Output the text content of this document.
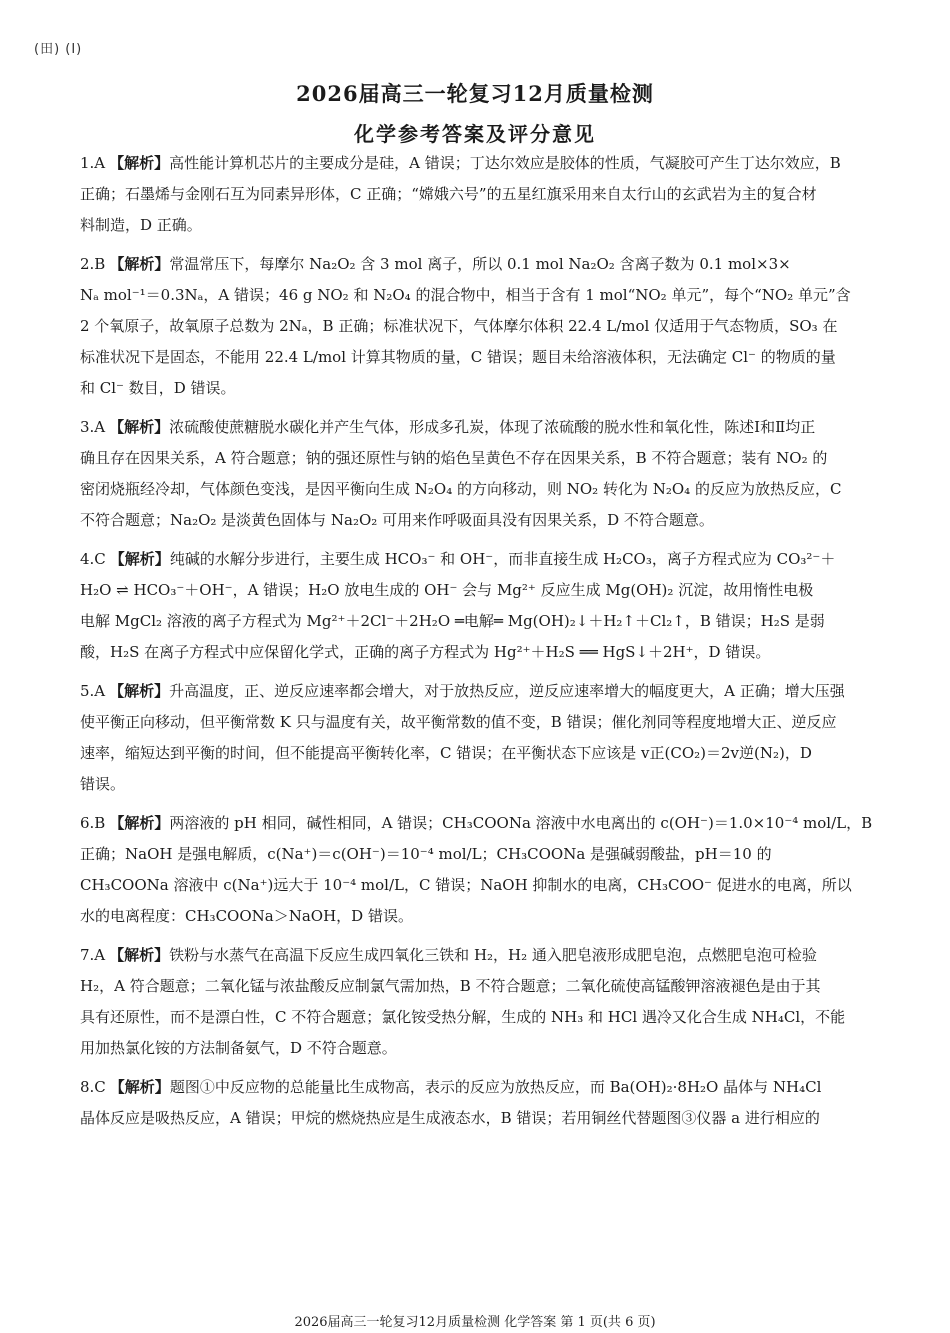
(田) (I)
2026届高三一轮复习12月质量检测
化学参考答案及评分意见
1.A 【解析】高性能计算机芯片的主要成分是硅，A 错误；丁达尔效应是胶体的性质，气凝胶可产生丁达尔效应，B
正确；石墨烯与金刚石互为同素异形体，C 正确；“嫦娥六号”的五星红旗采用来自太行山的玄武岩为主的复合材
料制造，D 正确。
2.B 【解析】常温常压下，每摩尔 Na₂O₂ 含 3 mol 离子，所以 0.1 mol Na₂O₂ 含离子数为 0.1 mol×3×
Nₐ mol⁻¹＝0.3Nₐ，A 错误；46 g NO₂ 和 N₂O₄ 的混合物中，相当于含有 1 mol“NO₂ 单元”，每个“NO₂ 单元”含
2 个氧原子，故氧原子总数为 2Nₐ，B 正确；标准状况下，气体摩尔体积 22.4 L/mol 仅适用于气态物质，SO₃ 在
标准状况下是固态，不能用 22.4 L/mol 计算其物质的量，C 错误；题目未给溶液体积，无法确定 Cl⁻ 的物质的量
和 Cl⁻ 数目，D 错误。
3.A 【解析】浓硫酸使蔗糖脱水碳化并产生气体，形成多孔炭，体现了浓硫酸的脱水性和氧化性，陈述Ⅰ和Ⅱ均正
确且存在因果关系，A 符合题意；钠的强还原性与钠的焰色呈黄色不存在因果关系，B 不符合题意；装有 NO₂ 的
密闭烧瓶经冷却，气体颜色变浅，是因平衡向生成 N₂O₄ 的方向移动，则 NO₂ 转化为 N₂O₄ 的反应为放热反应，C
不符合题意；Na₂O₂ 是淡黄色固体与 Na₂O₂ 可用来作呼吸面具没有因果关系，D 不符合题意。
4.C 【解析】纯碱的水解分步进行，主要生成 HCO₃⁻ 和 OH⁻，而非直接生成 H₂CO₃，离子方程式应为 CO₃²⁻＋
H₂O ⇌ HCO₃⁻＋OH⁻，A 错误；H₂O 放电生成的 OH⁻ 会与 Mg²⁺ 反应生成 Mg(OH)₂ 沉淀，故用惰性电极
电解 MgCl₂ 溶液的离子方程式为 Mg²⁺＋2Cl⁻＋2H₂O ═电解═ Mg(OH)₂↓＋H₂↑＋Cl₂↑，B 错误；H₂S 是弱
酸，H₂S 在离子方程式中应保留化学式，正确的离子方程式为 Hg²⁺＋H₂S ══ HgS↓＋2H⁺，D 错误。
5.A 【解析】升高温度，正、逆反应速率都会增大，对于放热反应，逆反应速率增大的幅度更大，A 正确；增大压强
使平衡正向移动，但平衡常数 K 只与温度有关，故平衡常数的值不变，B 错误；催化剂同等程度地增大正、逆反应
速率，缩短达到平衡的时间，但不能提高平衡转化率，C 错误；在平衡状态下应该是 v正(CO₂)＝2v逆(N₂)，D
错误。
6.B 【解析】两溶液的 pH 相同，碱性相同，A 错误；CH₃COONa 溶液中水电离出的 c(OH⁻)＝1.0×10⁻⁴ mol/L，B
正确；NaOH 是强电解质，c(Na⁺)＝c(OH⁻)＝10⁻⁴ mol/L；CH₃COONa 是强碱弱酸盐，pH＝10 的
CH₃COONa 溶液中 c(Na⁺)远大于 10⁻⁴ mol/L，C 错误；NaOH 抑制水的电离，CH₃COO⁻ 促进水的电离，所以
水的电离程度：CH₃COONa＞NaOH，D 错误。
7.A 【解析】铁粉与水蒸气在高温下反应生成四氧化三铁和 H₂，H₂ 通入肥皂液形成肥皂泡，点燃肥皂泡可检验
H₂，A 符合题意；二氧化锰与浓盐酸反应制氯气需加热，B 不符合题意；二氧化硫使高锰酸钾溶液褪色是由于其
具有还原性，而不是漂白性，C 不符合题意；氯化铵受热分解，生成的 NH₃ 和 HCl 遇冷又化合生成 NH₄Cl，不能
用加热氯化铵的方法制备氨气，D 不符合题意。
8.C 【解析】题图①中反应物的总能量比生成物高，表示的反应为放热反应，而 Ba(OH)₂·8H₂O 晶体与 NH₄Cl
晶体反应是吸热反应，A 错误；甲烷的燃烧热应是生成液态水，B 错误；若用铜丝代替题图③仪器 a 进行相应的
2026届高三一轮复习12月质量检测 化学答案 第 1 页(共 6 页)
